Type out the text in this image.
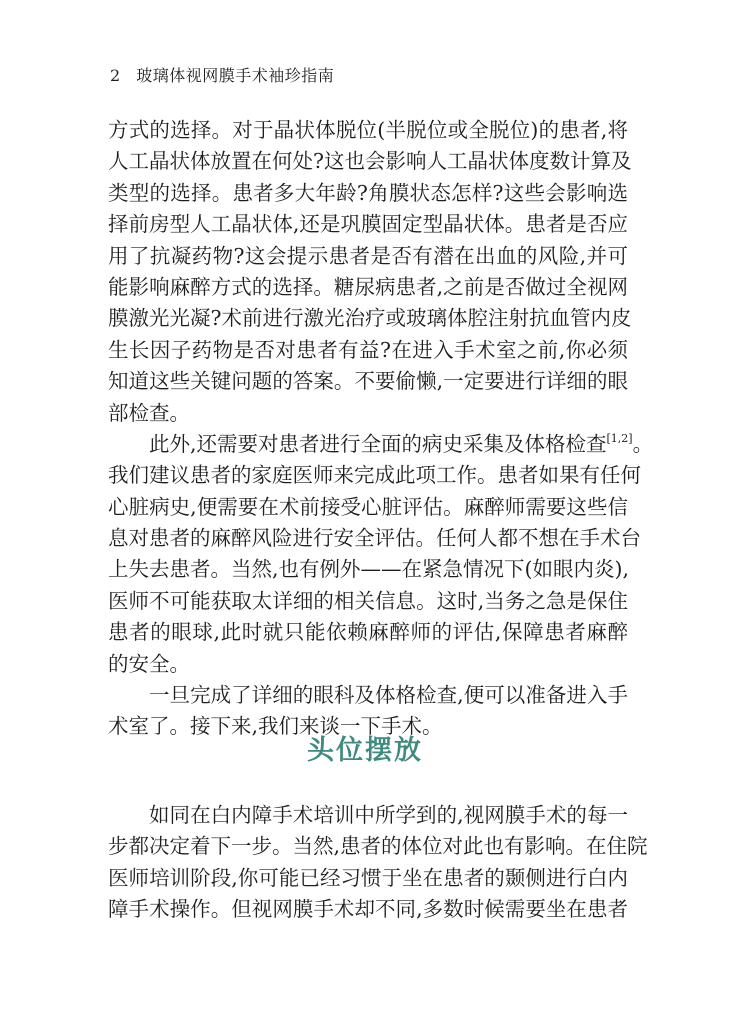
2 玻璃体视网膜手术袖珍指南
方式的选择。对于晶状体脱位(半脱位或全脱位)的患者,将
人工晶状体放置在何处?这也会影响人工晶状体度数计算及
类型的选择。患者多大年龄?角膜状态怎样?这些会影响选
择前房型人工晶状体,还是巩膜固定型晶状体。患者是否应
用了抗凝药物?这会提示患者是否有潜在出血的风险,并可
能影响麻醉方式的选择。糖尿病患者,之前是否做过全视网
膜激光光凝?术前进行激光治疗或玻璃体腔注射抗血管内皮
生长因子药物是否对患者有益?在进入手术室之前,你必须
知道这些关键问题的答案。不要偷懒,一定要进行详细的眼
部检查。
此外,还需要对患者进行全面的病史采集及体格检查[1,2]。
我们建议患者的家庭医师来完成此项工作。患者如果有任何
心脏病史,便需要在术前接受心脏评估。麻醉师需要这些信
息对患者的麻醉风险进行安全评估。任何人都不想在手术台
上失去患者。当然,也有例外——在紧急情况下(如眼内炎),
医师不可能获取太详细的相关信息。这时,当务之急是保住
患者的眼球,此时就只能依赖麻醉师的评估,保障患者麻醉
的安全。
一旦完成了详细的眼科及体格检查,便可以准备进入手
术室了。接下来,我们来谈一下手术。
头位摆放
如同在白内障手术培训中所学到的,视网膜手术的每一
步都决定着下一步。当然,患者的体位对此也有影响。在住院
医师培训阶段,你可能已经习惯于坐在患者的颞侧进行白内
障手术操作。但视网膜手术却不同,多数时候需要坐在患者
